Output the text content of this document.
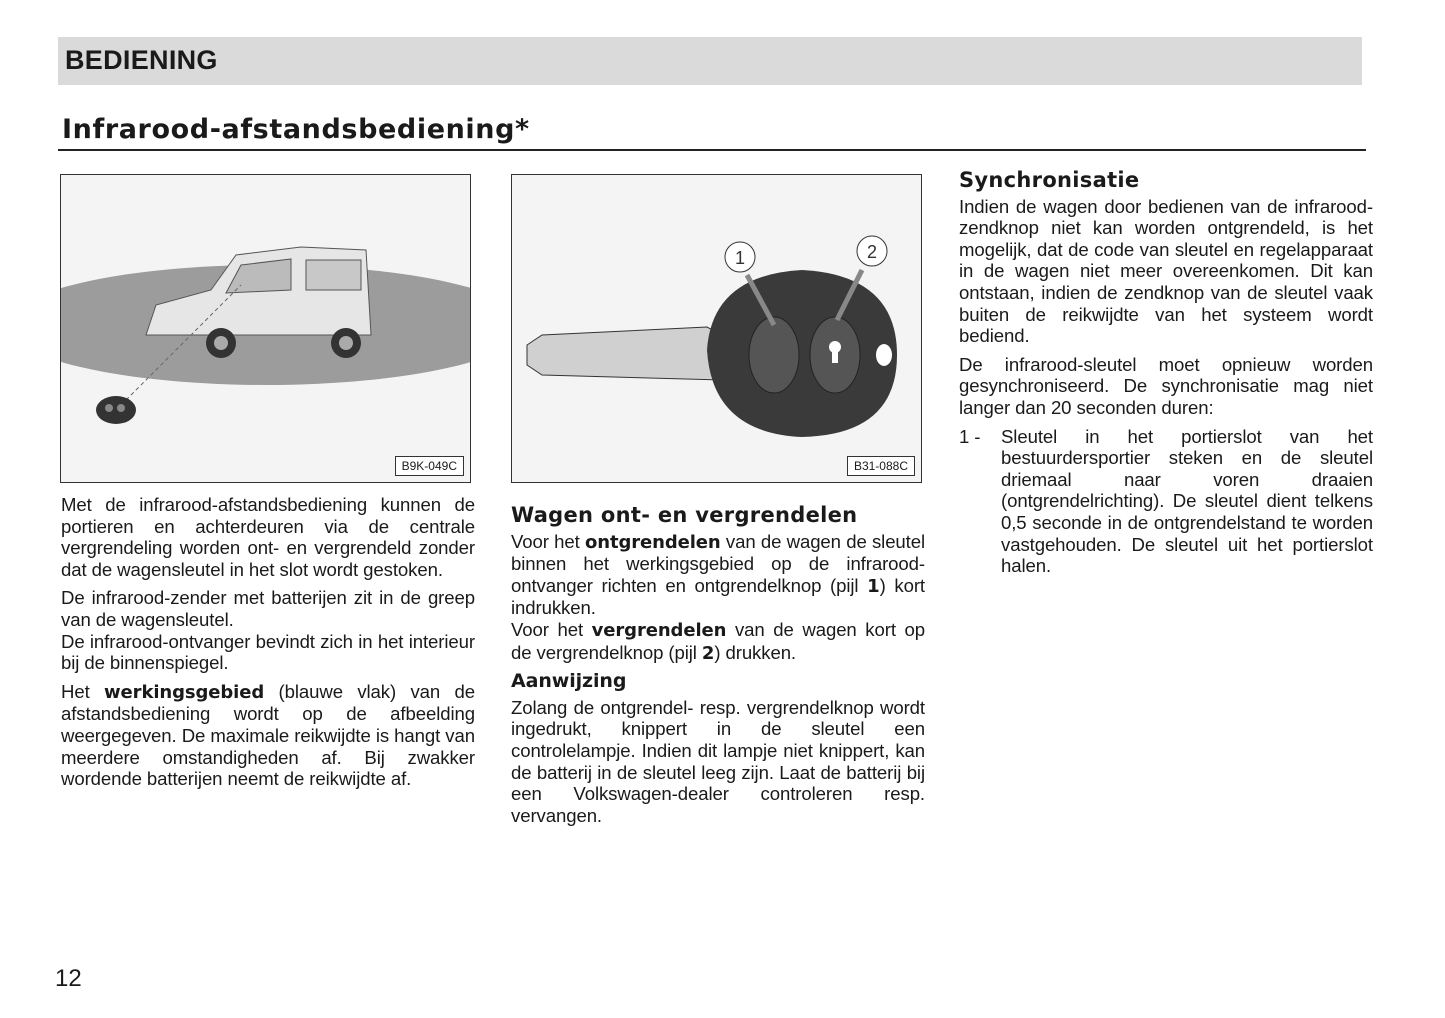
BEDIENING
Infrarood-afstandsbediening*
B9K-049C
1	2
B31-088C

Met de infrarood-afstandsbediening kunnen de portieren en achterdeuren via de centrale vergrendeling worden ont- en vergrendeld zonder dat de wagensleutel in het slot wordt gestoken.

De infrarood-zender met batterijen zit in de greep van de wagensleutel.

De infrarood-ontvanger bevindt zich in het interieur bij de binnenspiegel.

Het werkingsgebied (blauwe vlak) van de afstandsbediening wordt op de afbeelding weergegeven. De maximale reikwijdte is hangt van meerdere omstandigheden af. Bij zwakker wordende batterijen neemt de reikwijdte af.

Wagen ont- en vergrendelen

Voor het ontgrendelen van de wagen de sleutel binnen het werkingsgebied op de infrarood-ontvanger richten en ontgrendelknop (pijl 1) kort indrukken.

Voor het vergrendelen van de wagen kort op de vergrendelknop (pijl 2) drukken.

Aanwijzing

Zolang de ontgrendel- resp. vergrendelknop wordt ingedrukt, knippert in de sleutel een controlelampje. Indien dit lampje niet knippert, kan de batterij in de sleutel leeg zijn. Laat de batterij bij een Volkswagen-dealer controleren resp. vervangen.

Synchronisatie

Indien de wagen door bedienen van de infrarood-zendknop niet kan worden ontgrendeld, is het mogelijk, dat de code van sleutel en regelapparaat in de wagen niet meer overeenkomen. Dit kan ontstaan, indien de zendknop van de sleutel vaak buiten de reikwijdte van het systeem wordt bediend.

De infrarood-sleutel moet opnieuw worden gesynchroniseerd. De synchronisatie mag niet langer dan 20 seconden duren:

1 -	Sleutel in het portierslot van het bestuurdersportier steken en de sleutel driemaal naar voren draaien (ontgrendelrichting). De sleutel dient telkens 0,5 seconde in de ontgrendelstand te worden vastgehouden. De sleutel uit het portierslot halen.
12
